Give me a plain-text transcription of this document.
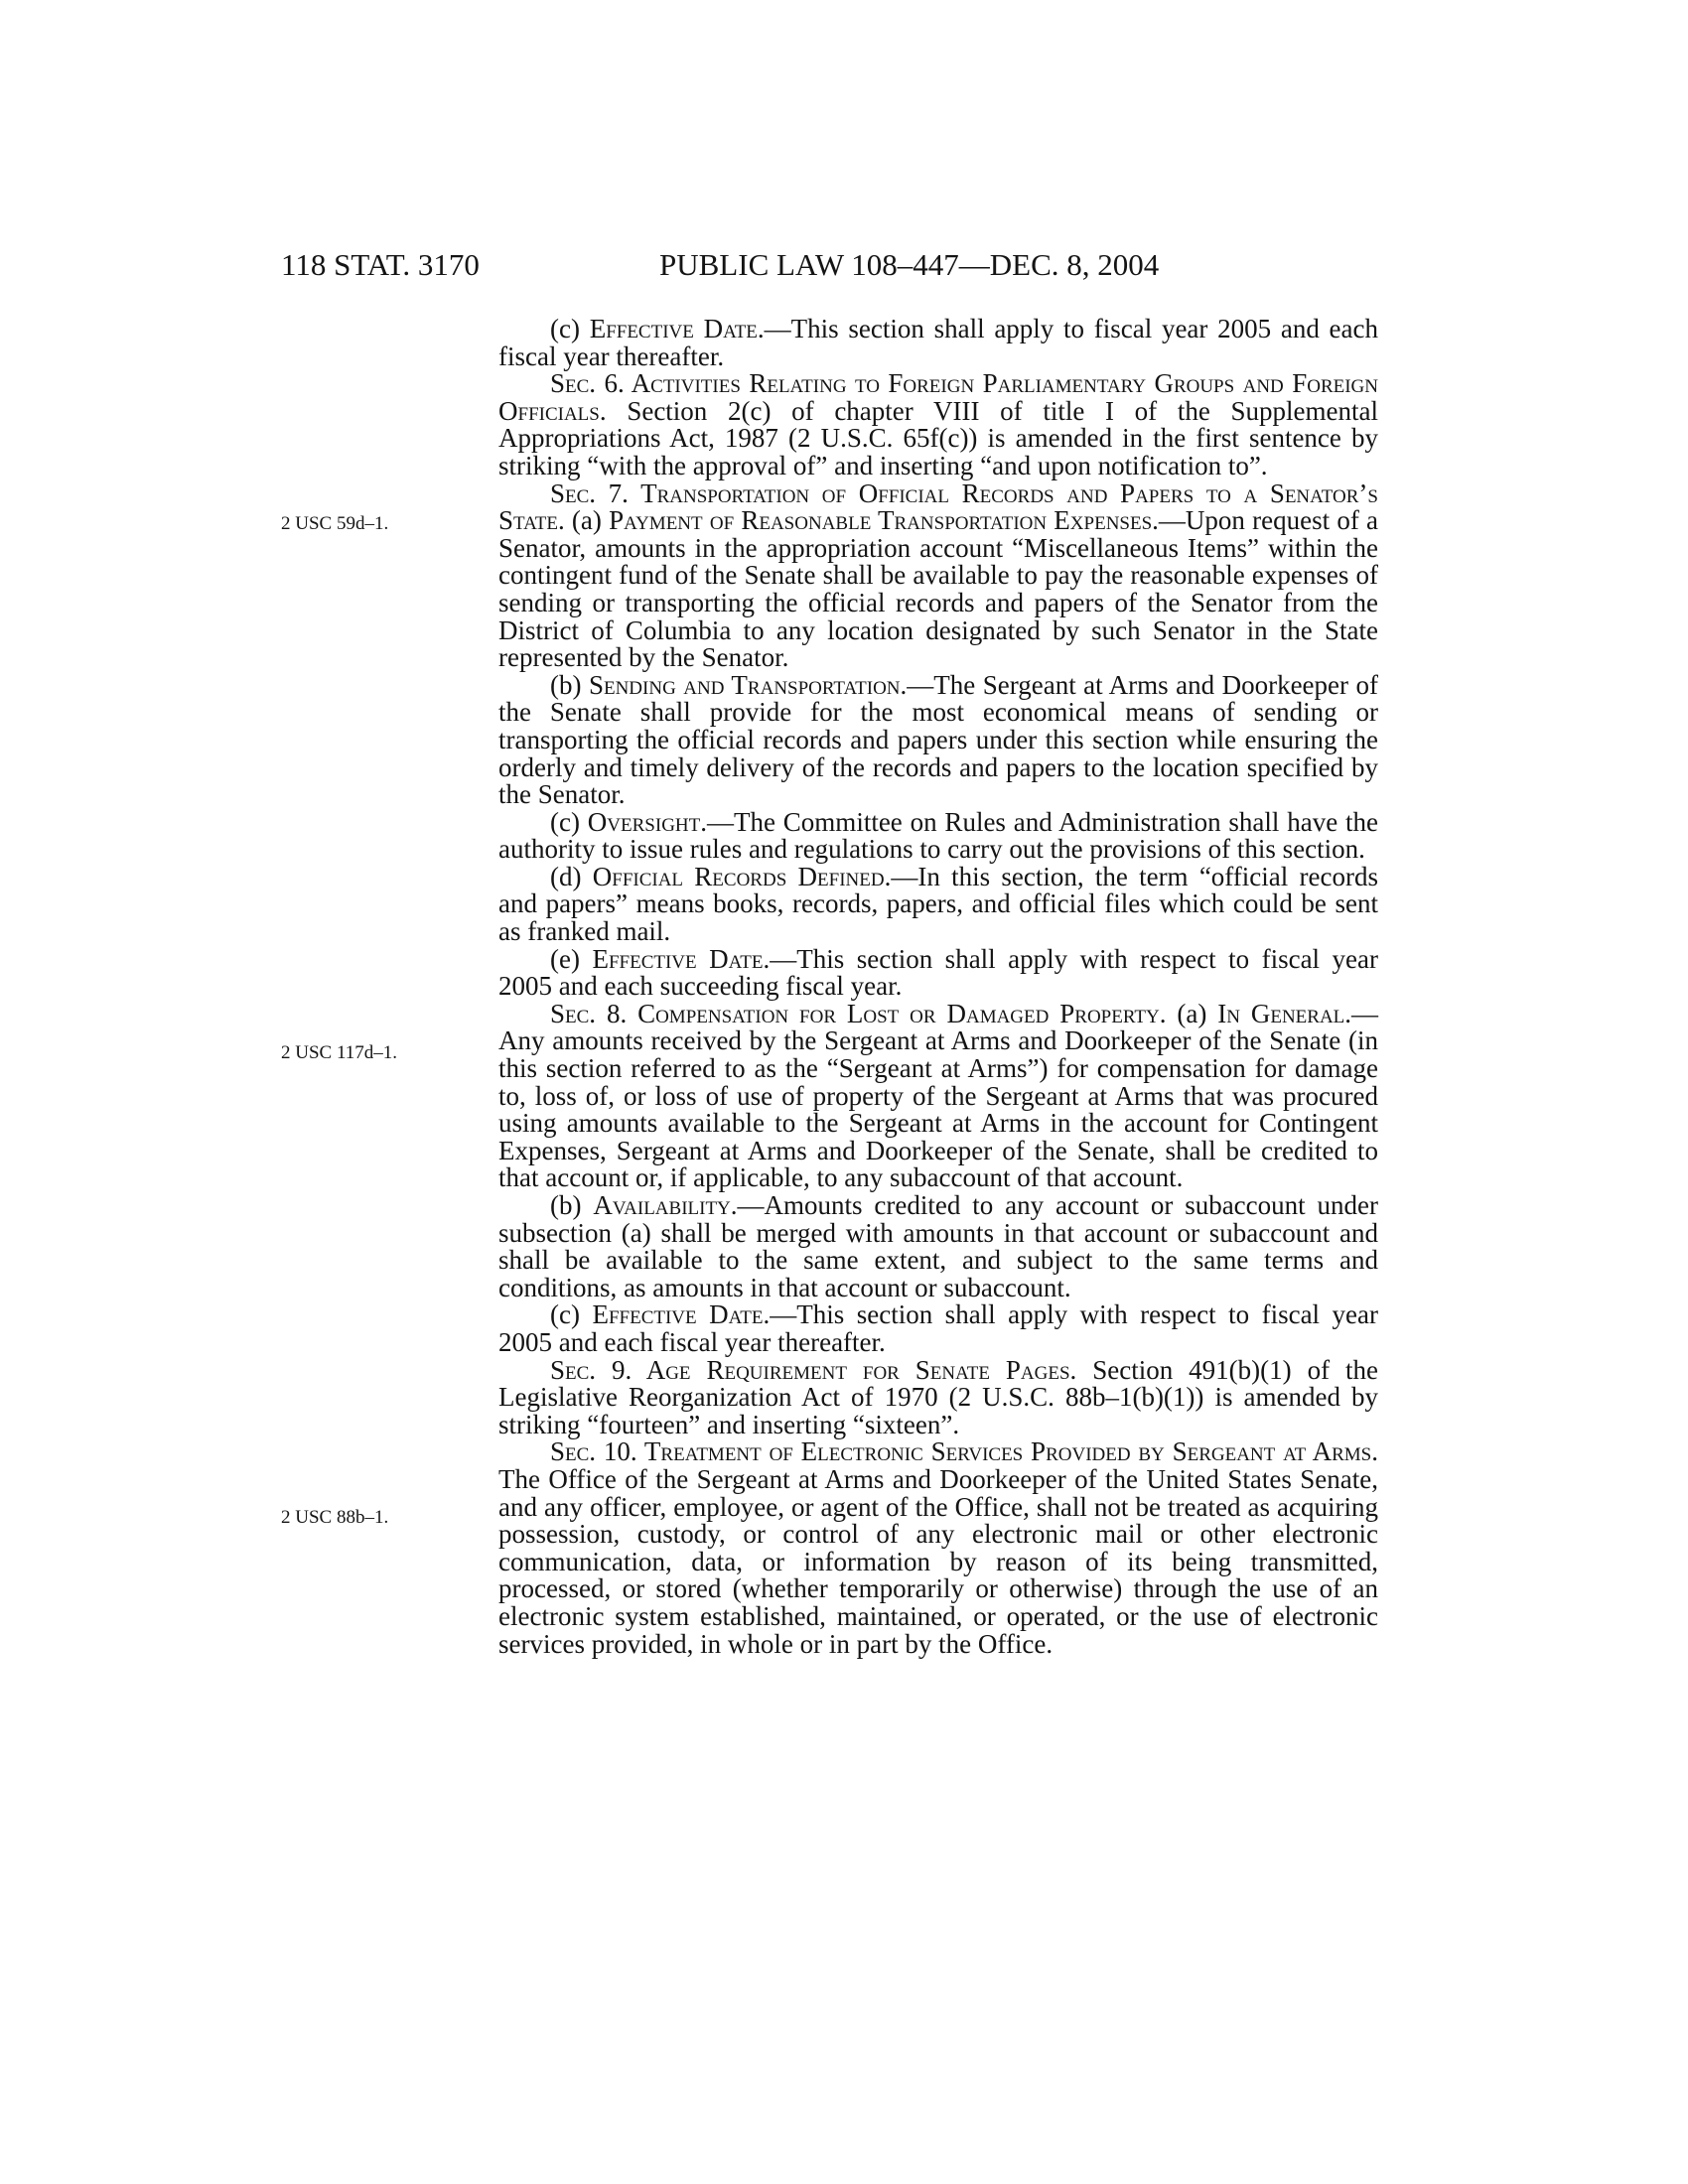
118 STAT. 3170	PUBLIC LAW 108–447—DEC. 8, 2004
2 USC 59d–1.
2 USC 117d–1.
2 USC 88b–1.

(c) Effective Date.—This section shall apply to fiscal year 2005 and each fiscal year thereafter.

Sec. 6. Activities Relating to Foreign Parliamentary Groups and Foreign Officials. Section 2(c) of chapter VIII of title I of the Supplemental Appropriations Act, 1987 (2 U.S.C. 65f(c)) is amended in the first sentence by striking “with the approval of” and inserting “and upon notification to”.

Sec. 7. Transportation of Official Records and Papers to a Senator’s State. (a) Payment of Reasonable Transportation Expenses.—Upon request of a Senator, amounts in the appropriation account “Miscellaneous Items” within the contingent fund of the Senate shall be available to pay the reasonable expenses of sending or transporting the official records and papers of the Senator from the District of Columbia to any location designated by such Senator in the State represented by the Senator.

(b) Sending and Transportation.—The Sergeant at Arms and Doorkeeper of the Senate shall provide for the most economical means of sending or transporting the official records and papers under this section while ensuring the orderly and timely delivery of the records and papers to the location specified by the Senator.

(c) Oversight.—The Committee on Rules and Administration shall have the authority to issue rules and regulations to carry out the provisions of this section.

(d) Official Records Defined.—In this section, the term “official records and papers” means books, records, papers, and official files which could be sent as franked mail.

(e) Effective Date.—This section shall apply with respect to fiscal year 2005 and each succeeding fiscal year.

Sec. 8. Compensation for Lost or Damaged Property. (a) In General.—Any amounts received by the Sergeant at Arms and Doorkeeper of the Senate (in this section referred to as the “Sergeant at Arms”) for compensation for damage to, loss of, or loss of use of property of the Sergeant at Arms that was procured using amounts available to the Sergeant at Arms in the account for Contingent Expenses, Sergeant at Arms and Doorkeeper of the Senate, shall be credited to that account or, if applicable, to any subaccount of that account.

(b) Availability.—Amounts credited to any account or subaccount under subsection (a) shall be merged with amounts in that account or subaccount and shall be available to the same extent, and subject to the same terms and conditions, as amounts in that account or subaccount.

(c) Effective Date.—This section shall apply with respect to fiscal year 2005 and each fiscal year thereafter.

Sec. 9. Age Requirement for Senate Pages. Section 491(b)(1) of the Legislative Reorganization Act of 1970 (2 U.S.C. 88b–1(b)(1)) is amended by striking “fourteen” and inserting “sixteen”.

Sec. 10. Treatment of Electronic Services Provided by Sergeant at Arms. The Office of the Sergeant at Arms and Doorkeeper of the United States Senate, and any officer, employee, or agent of the Office, shall not be treated as acquiring possession, custody, or control of any electronic mail or other electronic communication, data, or information by reason of its being transmitted, processed, or stored (whether temporarily or otherwise) through the use of an electronic system established, maintained, or operated, or the use of electronic services provided, in whole or in part by the Office.
